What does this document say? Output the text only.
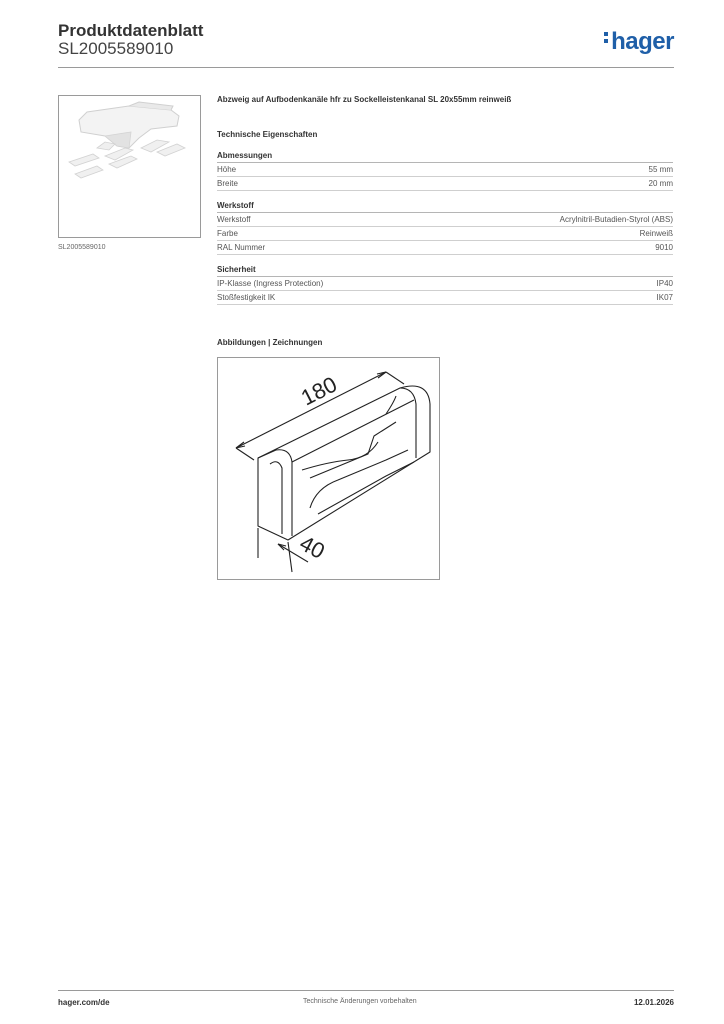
Produktdatenblatt
SL2005589010	hager
SL2005589010
Abzweig auf Aufbodenkanäle hfr zu Sockelleistenkanal SL 20x55mm reinweiß
Technische Eigenschaften
Abmessungen
Höhe	55 mm
Breite	20 mm
Werkstoff
Werkstoff	Acrylnitril-Butadien-Styrol (ABS)
Farbe	Reinweiß
RAL Nummer	9010
Sicherheit
IP-Klasse (Ingress Protection)	IP40
Stoßfestigkeit IK	IK07
Abbildungen | Zeichnungen
180
40
hager.com/de	Technische Änderungen vorbehalten	12.01.2026
